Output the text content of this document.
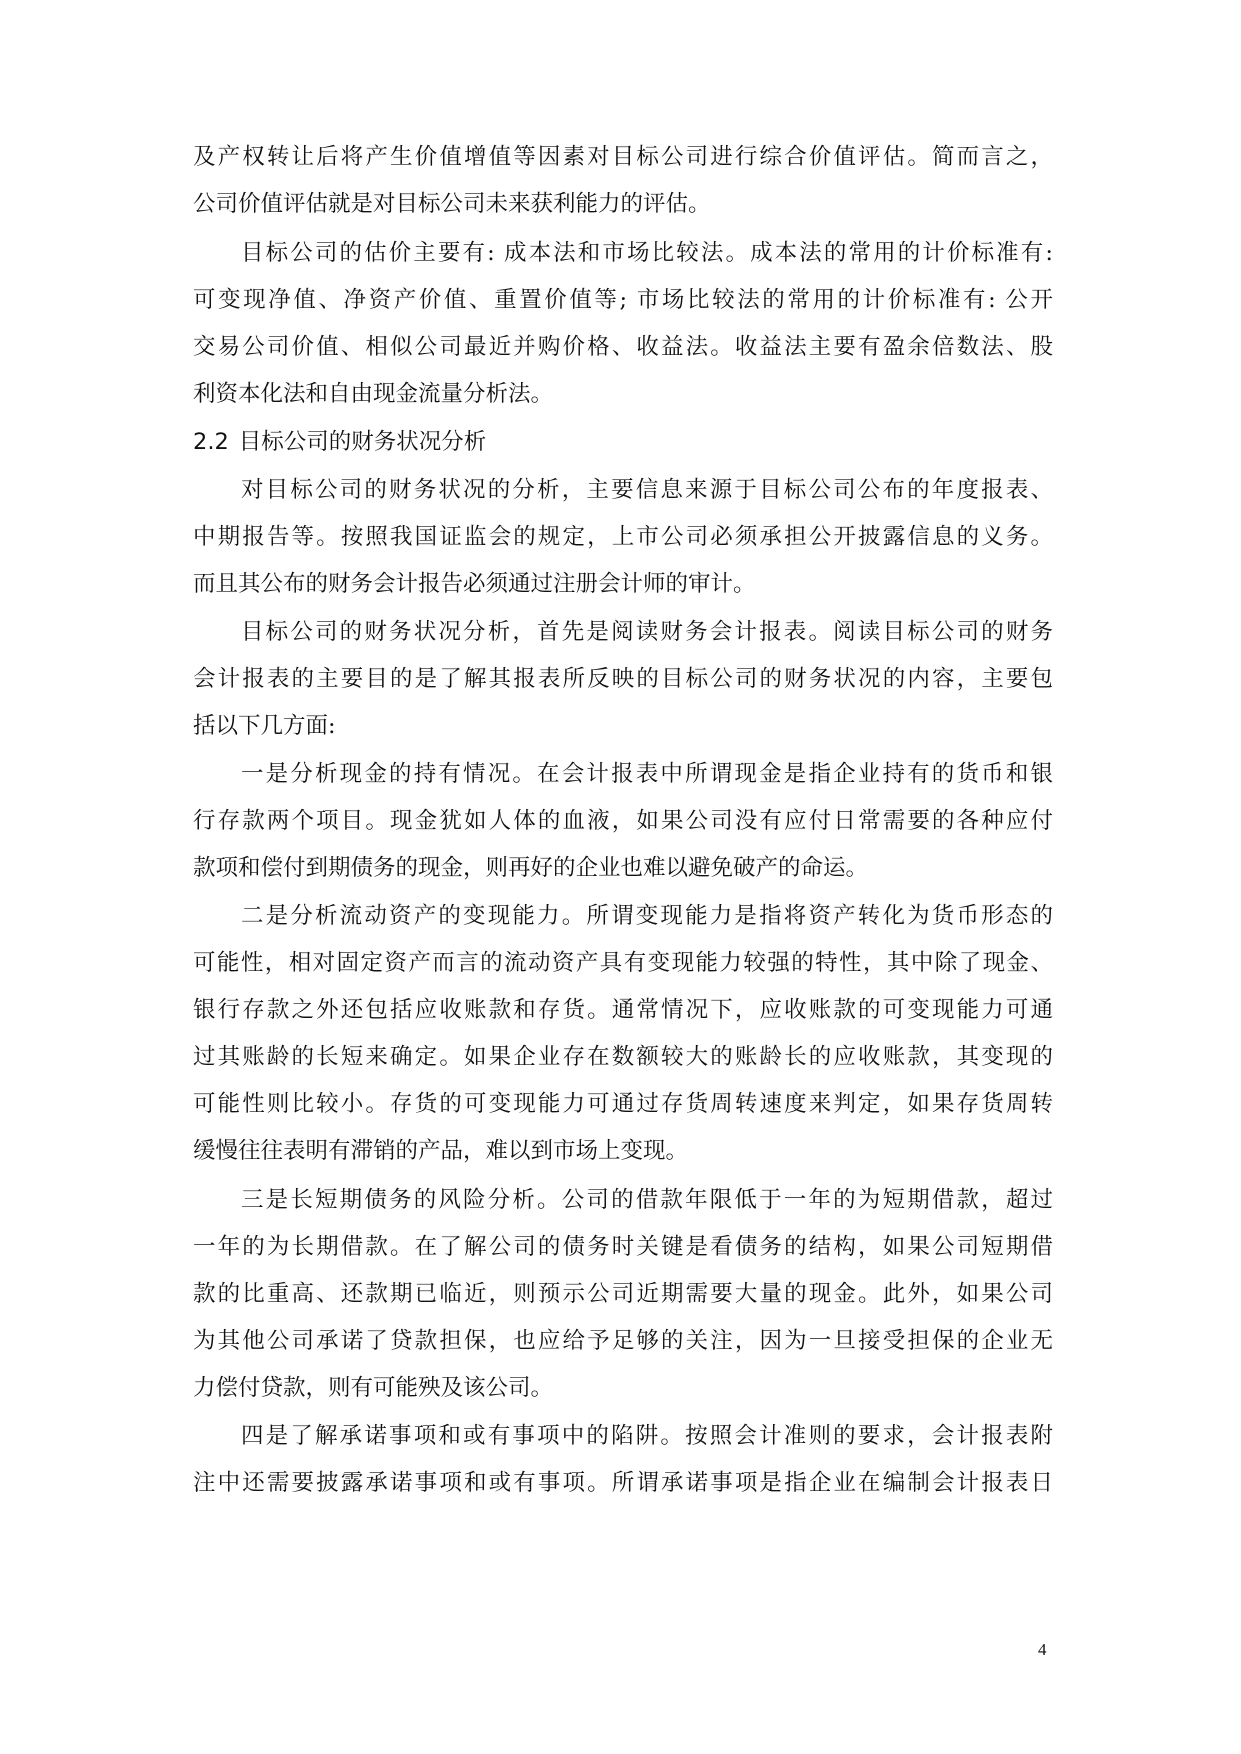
及产权转让后将产生价值增值等因素对目标公司进行综合价值评估。简而言之，
公司价值评估就是对目标公司未来获利能力的评估。
目标公司的估价主要有: 成本法和市场比较法。成本法的常用的计价标准有:
可变现净值、净资产价值、重置价值等; 市场比较法的常用的计价标准有: 公开
交易公司价值、相似公司最近并购价格、收益法。收益法主要有盈余倍数法、股
利资本化法和自由现金流量分析法。
2.2 目标公司的财务状况分析
对目标公司的财务状况的分析，主要信息来源于目标公司公布的年度报表、
中期报告等。按照我国证监会的规定，上市公司必须承担公开披露信息的义务。
而且其公布的财务会计报告必须通过注册会计师的审计。
目标公司的财务状况分析，首先是阅读财务会计报表。阅读目标公司的财务
会计报表的主要目的是了解其报表所反映的目标公司的财务状况的内容，主要包
括以下几方面:
一是分析现金的持有情况。在会计报表中所谓现金是指企业持有的货币和银
行存款两个项目。现金犹如人体的血液，如果公司没有应付日常需要的各种应付
款项和偿付到期债务的现金，则再好的企业也难以避免破产的命运。
二是分析流动资产的变现能力。所谓变现能力是指将资产转化为货币形态的
可能性，相对固定资产而言的流动资产具有变现能力较强的特性，其中除了现金、
银行存款之外还包括应收账款和存货。通常情况下，应收账款的可变现能力可通
过其账龄的长短来确定。如果企业存在数额较大的账龄长的应收账款，其变现的
可能性则比较小。存货的可变现能力可通过存货周转速度来判定，如果存货周转
缓慢往往表明有滞销的产品，难以到市场上变现。
三是长短期债务的风险分析。公司的借款年限低于一年的为短期借款，超过
一年的为长期借款。在了解公司的债务时关键是看债务的结构，如果公司短期借
款的比重高、还款期已临近，则预示公司近期需要大量的现金。此外，如果公司
为其他公司承诺了贷款担保，也应给予足够的关注，因为一旦接受担保的企业无
力偿付贷款，则有可能殃及该公司。
四是了解承诺事项和或有事项中的陷阱。按照会计准则的要求，会计报表附
注中还需要披露承诺事项和或有事项。所谓承诺事项是指企业在编制会计报表日
4
